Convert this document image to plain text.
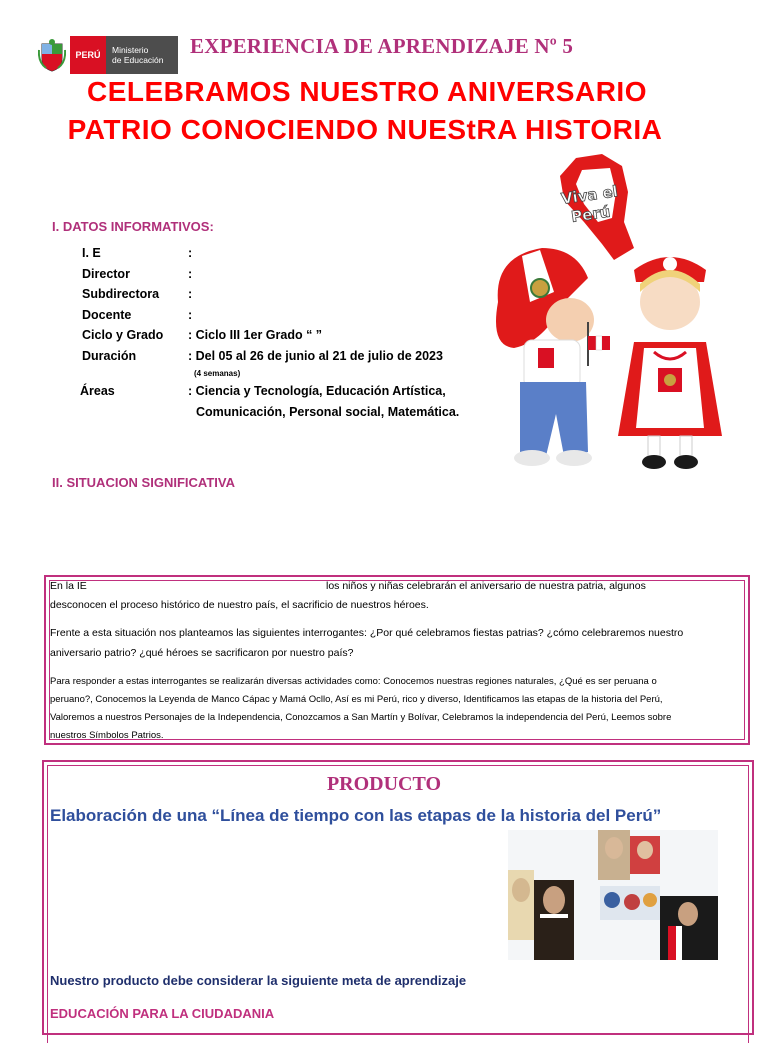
PERÚ	Ministerio
de Educación
EXPERIENCIA DE APRENDIZAJE Nº 5
CELEBRAMOS NUESTRO ANIVERSARIO
PATRIO CONOCIENDO NUEStRA HISTORIA
I. DATOS INFORMATIVOS:
I. E	:
Director	:
Subdirectora :
Docente	:
Ciclo y Grado : Ciclo III 1er Grado “ ”
Duración	: Del 05 al 26 de junio al 21 de julio de 2023
(4 semanas)
Áreas	: Ciencia y Tecnología, Educación Artística,
Comunicación, Personal social, Matemática.
Viva el
Perú
II. SITUACION SIGNIFICATIVA
En la IE	los niños y niñas celebrarán el aniversario de nuestra patria, algunos
desconocen el proceso histórico de nuestro país, el sacrificio de nuestros héroes.
Frente a esta situación nos planteamos las siguientes interrogantes: ¿Por qué celebramos fiestas patrias? ¿cómo celebraremos nuestro
aniversario patrio? ¿qué héroes se sacrificaron por nuestro país?
Para responder a estas interrogantes se realizarán diversas actividades como: Conocemos nuestras regiones naturales, ¿Qué es ser peruana o
peruano?, Conocemos la Leyenda de Manco Cápac y Mamá Ocllo, Así es mi Perú, rico y diverso, Identificamos las etapas de la historia del Perú,
Valoremos a nuestros Personajes de la Independencia, Conozcamos a San Martín y Bolívar, Celebramos la independencia del Perú, Leemos sobre
nuestros Símbolos Patrios.
PRODUCTO
Elaboración de una “Línea de tiempo con las etapas de la historia del Perú”
Nuestro producto debe considerar la siguiente meta de aprendizaje
EDUCACIÓN PARA LA CIUDADANIA
